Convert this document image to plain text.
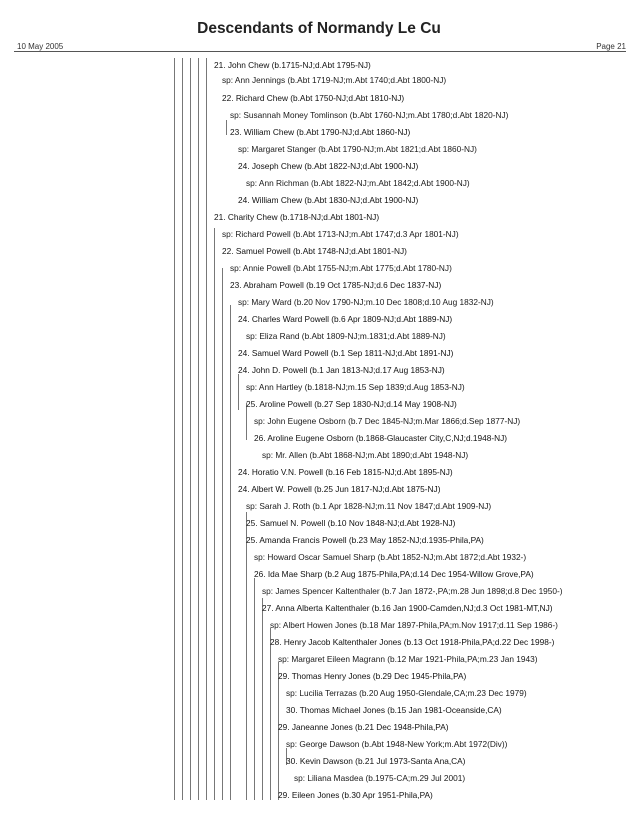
Descendants of Normandy Le Cu
10 May 2005	Page 21
21. John Chew (b.1715-NJ;d.Abt 1795-NJ)
sp: Ann Jennings (b.Abt 1719-NJ;m.Abt 1740;d.Abt 1800-NJ)
22. Richard Chew (b.Abt 1750-NJ;d.Abt 1810-NJ)
sp: Susannah Money Tomlinson (b.Abt 1760-NJ;m.Abt 1780;d.Abt 1820-NJ)
23. William Chew (b.Abt 1790-NJ;d.Abt 1860-NJ)
sp: Margaret Stanger (b.Abt 1790-NJ;m.Abt 1821;d.Abt 1860-NJ)
24. Joseph Chew (b.Abt 1822-NJ;d.Abt 1900-NJ)
sp: Ann Richman (b.Abt 1822-NJ;m.Abt 1842;d.Abt 1900-NJ)
24. William Chew (b.Abt 1830-NJ;d.Abt 1900-NJ)
21. Charity Chew (b.1718-NJ;d.Abt 1801-NJ)
sp: Richard Powell (b.Abt 1713-NJ;m.Abt 1747;d.3 Apr 1801-NJ)
22. Samuel Powell (b.Abt 1748-NJ;d.Abt 1801-NJ)
sp: Annie Powell (b.Abt 1755-NJ;m.Abt 1775;d.Abt 1780-NJ)
23. Abraham Powell (b.19 Oct 1785-NJ;d.6 Dec 1837-NJ)
sp: Mary Ward (b.20 Nov 1790-NJ;m.10 Dec 1808;d.10 Aug 1832-NJ)
24. Charles Ward Powell (b.6 Apr 1809-NJ;d.Abt 1889-NJ)
sp: Eliza Rand (b.Abt 1809-NJ;m.1831;d.Abt 1889-NJ)
24. Samuel Ward Powell (b.1 Sep 1811-NJ;d.Abt 1891-NJ)
24. John D. Powell (b.1 Jan 1813-NJ;d.17 Aug 1853-NJ)
sp: Ann Hartley (b.1818-NJ;m.15 Sep 1839;d.Aug 1853-NJ)
25. Aroline Powell (b.27 Sep 1830-NJ;d.14 May 1908-NJ)
sp: John Eugene Osborn (b.7 Dec 1845-NJ;m.Mar 1866;d.Sep 1877-NJ)
26. Aroline Eugene Osborn (b.1868-Glaucaster City,C,NJ;d.1948-NJ)
sp: Mr. Allen (b.Abt 1868-NJ;m.Abt 1890;d.Abt 1948-NJ)
24. Horatio V.N. Powell (b.16 Feb 1815-NJ;d.Abt 1895-NJ)
24. Albert W. Powell (b.25 Jun 1817-NJ;d.Abt 1875-NJ)
sp: Sarah J. Roth (b.1 Apr 1828-NJ;m.11 Nov 1847;d.Abt 1909-NJ)
25. Samuel N. Powell (b.10 Nov 1848-NJ;d.Abt 1928-NJ)
25. Amanda Francis Powell (b.23 May 1852-NJ;d.1935-Phila,PA)
sp: Howard Oscar Samuel Sharp (b.Abt 1852-NJ;m.Abt 1872;d.Abt 1932-)
26. Ida Mae Sharp (b.2 Aug 1875-Phila,PA;d.14 Dec 1954-Willow Grove,PA)
sp: James Spencer Kaltenthaler (b.7 Jan 1872-,PA;m.28 Jun 1898;d.8 Dec 1950-)
27. Anna Alberta Kaltenthaler (b.16 Jan 1900-Camden,NJ;d.3 Oct 1981-MT,NJ)
sp: Albert Howen Jones (b.18 Mar 1897-Phila,PA;m.Nov 1917;d.11 Sep 1986-)
28. Henry Jacob Kaltenthaler Jones (b.13 Oct 1918-Phila,PA;d.22 Dec 1998-)
sp: Margaret Eileen Magrann (b.12 Mar 1921-Phila,PA;m.23 Jan 1943)
29. Thomas Henry Jones (b.29 Dec 1945-Phila,PA)
sp: Lucilia Terrazas (b.20 Aug 1950-Glendale,CA;m.23 Dec 1979)
30. Thomas Michael Jones (b.15 Jan 1981-Oceanside,CA)
29. Janeanne Jones (b.21 Dec 1948-Phila,PA)
sp: George Dawson (b.Abt 1948-New York;m.Abt 1972(Div))
30. Kevin Dawson (b.21 Jul 1973-Santa Ana,CA)
sp: Liliana Masdea (b.1975-CA;m.29 Jul 2001)
29. Eileen Jones (b.30 Apr 1951-Phila,PA)
